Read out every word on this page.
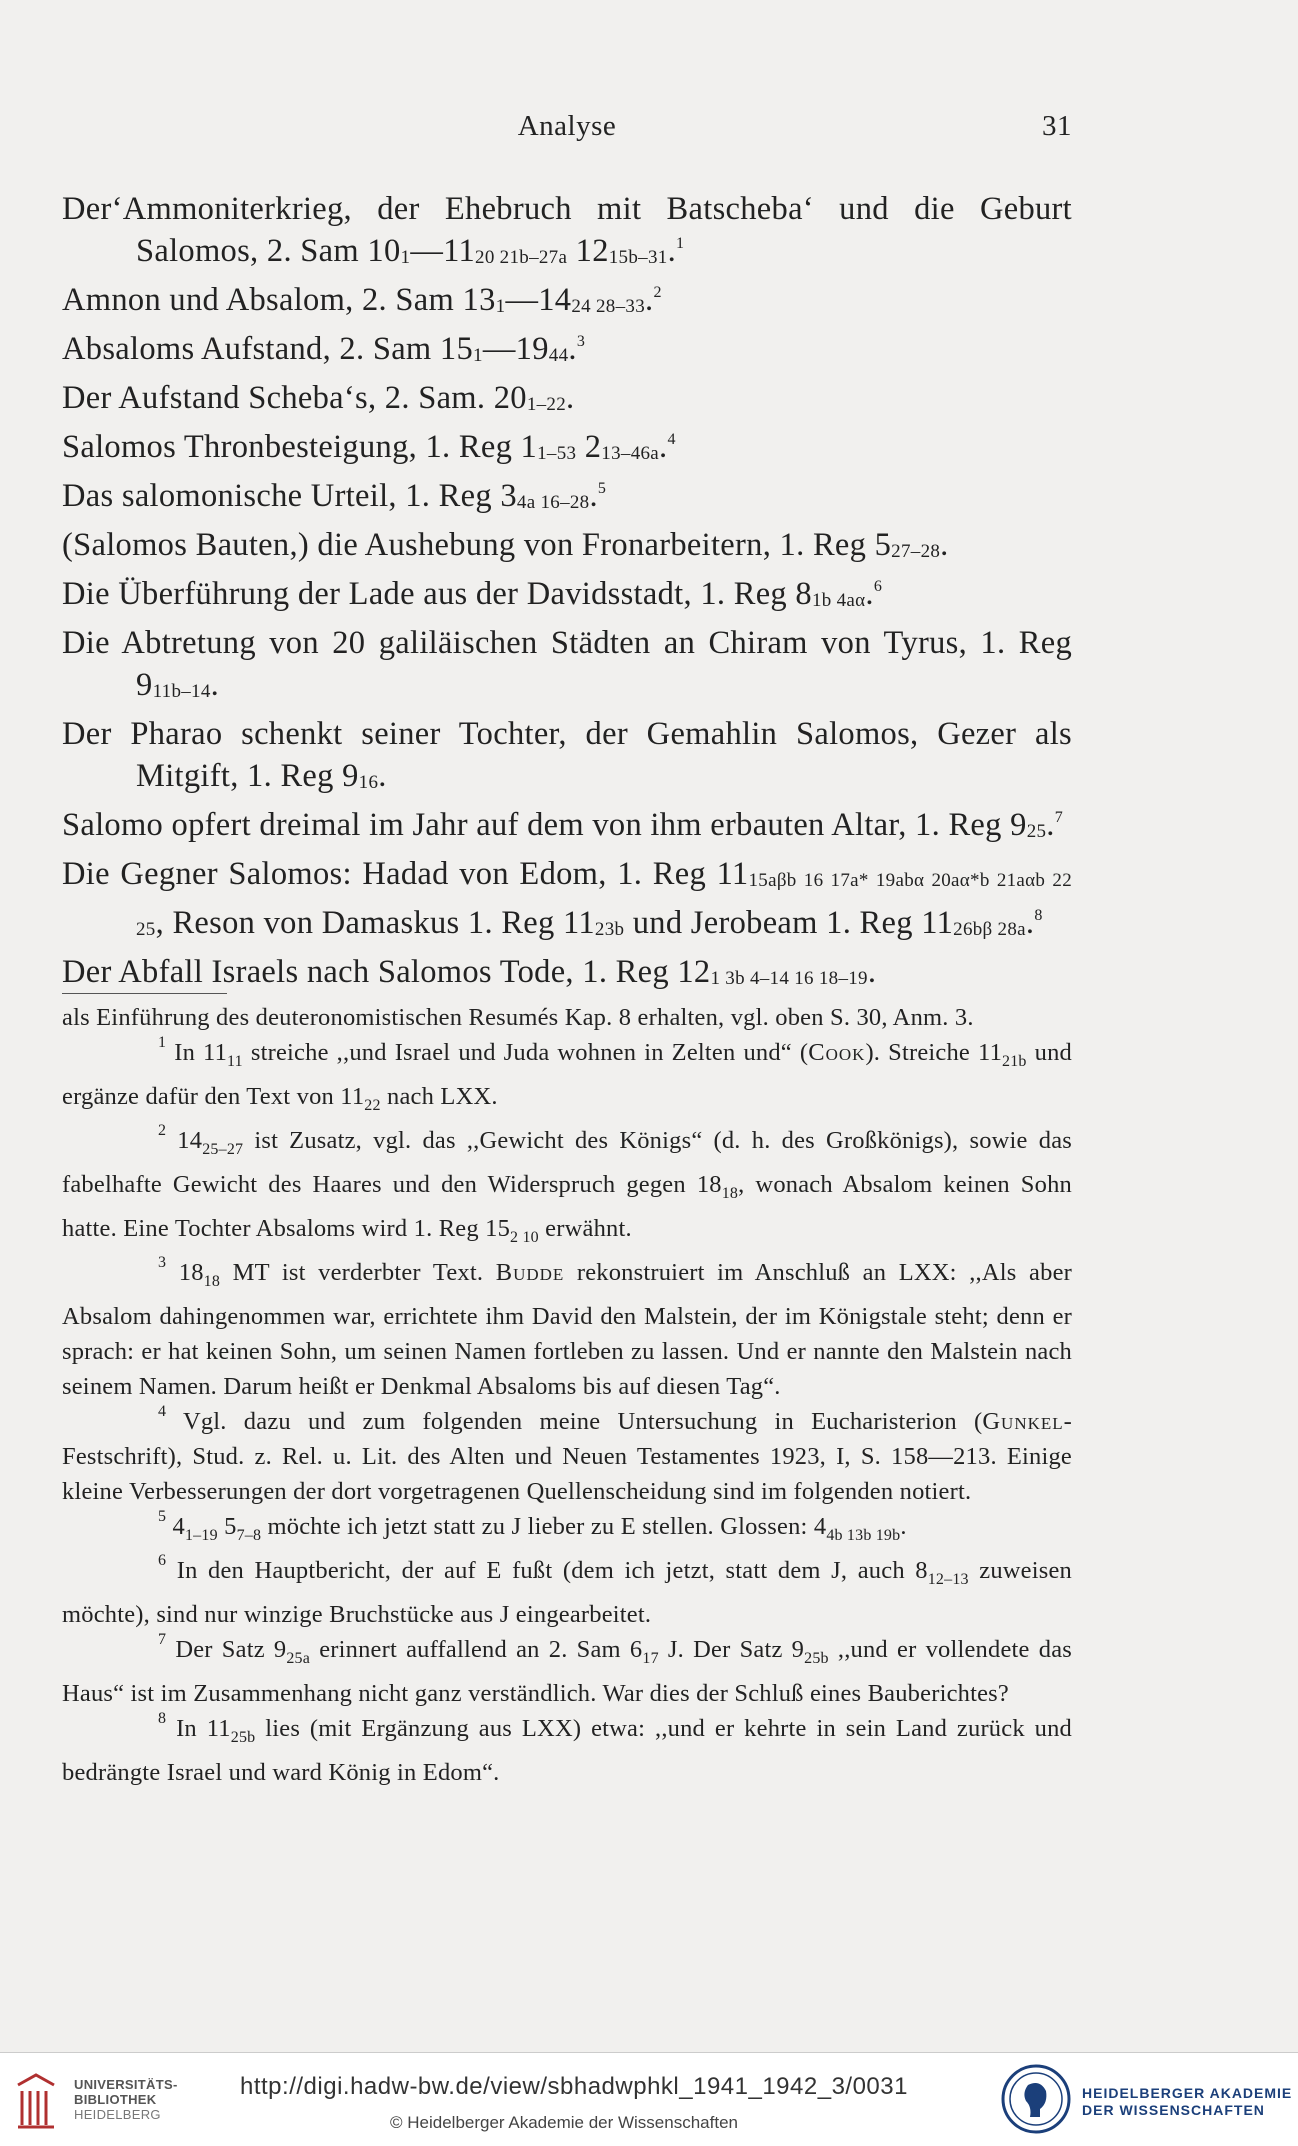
Analyse	31
Der‘Ammoniterkrieg, der Ehebruch mit Batscheba‘ und die Geburt Salomos, 2. Sam $10_1—11_{20 21b-27a}$ $12_{15b-31}.^1$
Amnon und Absalom, 2. Sam $13_1—14_{24 28-33}.^2$
Absaloms Aufstand, 2. Sam $15_1—19_{44}.^3$
Der Aufstand Scheba‘s, 2. Sam. $20_{1-22}$.
Salomos Thronbesteigung, 1. Reg $1_{1-53}$ $2_{13-46a}.^4$
Das salomonische Urteil, 1. Reg $3_{4a 16-28}.^5$
(Salomos Bauten,) die Aushebung von Fronarbeitern, 1. Reg $5_{27-28}$.
Die Überführung der Lade aus der Davidsstadt, 1. Reg $8_{1b 4a\alpha}.^6$
Die Abtretung von 20 galiläischen Städten an Chiram von Tyrus, 1. Reg $9_{11b-14}$.
Der Pharao schenkt seiner Tochter, der Gemahlin Salomos, Gezer als Mitgift, 1. Reg $9_{16}$.
Salomo opfert dreimal im Jahr auf dem von ihm erbauten Altar, 1. Reg $9_{25}.^7$
Die Gegner Salomos: Hadad von Edom, 1. Reg $11_{15a\beta b 16 17a* 19ab\alpha 20a\alpha*b 21a\alpha b 22 25}$, Reson von Damaskus 1. Reg $11_{23b}$ und Jerobeam 1. Reg $11_{26b\beta 28a}.^8$
Der Abfall Israels nach Salomos Tode, 1. Reg $12_{1 3b 4-14 16 18-19}$.

als Einführung des deuteronomistischen Resumés Kap. 8 erhalten, vgl. oben S. 30, Anm. 3.

$^1$ In $11_{11}$ streiche ,,und Israel und Juda wohnen in Zelten und“ (Cook). Streiche $11_{21b}$ und ergänze dafür den Text von $11_{22}$ nach LXX.

$^2$ $14_{25-27}$ ist Zusatz, vgl. das ,,Gewicht des Königs“ (d. h. des Großkönigs), sowie das fabelhafte Gewicht des Haares und den Widerspruch gegen $18_{18}$, wonach Absalom keinen Sohn hatte. Eine Tochter Absaloms wird 1. Reg $15_{2 10}$ erwähnt.

$^3$ $18_{18}$ MT ist verderbter Text. Budde rekonstruiert im Anschluß an LXX: ,,Als aber Absalom dahingenommen war, errichtete ihm David den Malstein, der im Königstale steht; denn er sprach: er hat keinen Sohn, um seinen Namen fortleben zu lassen. Und er nannte den Malstein nach seinem Namen. Darum heißt er Denkmal Absaloms bis auf diesen Tag“.

$^4$ Vgl. dazu und zum folgenden meine Untersuchung in Eucharisterion (Gunkel-Festschrift), Stud. z. Rel. u. Lit. des Alten und Neuen Testamentes 1923, I, S. 158—213. Einige kleine Verbesserungen der dort vorgetragenen Quellenscheidung sind im folgenden notiert.

$^5$ $4_{1-19}$ $5_{7-8}$ möchte ich jetzt statt zu J lieber zu E stellen. Glossen: $4_{4b 13b 19b}$.

$^6$ In den Hauptbericht, der auf E fußt (dem ich jetzt, statt dem J, auch $8_{12-13}$ zuweisen möchte), sind nur winzige Bruchstücke aus J eingearbeitet.

$^7$ Der Satz $9_{25a}$ erinnert auffallend an 2. Sam $6_{17}$ J. Der Satz $9_{25b}$ ,,und er vollendete das Haus“ ist im Zusammenhang nicht ganz verständlich. War dies der Schluß eines Bauberichtes?

$^8$ In $11_{25b}$ lies (mit Ergänzung aus LXX) etwa: ,,und er kehrte in sein Land zurück und bedrängte Israel und ward König in Edom“.

UNIVERSITÄTS-
BIBLIOTHEK
HEIDELBERG
http://digi.hadw-bw.de/view/sbhadwphkl_1941_1942_3/0031
© Heidelberger Akademie der Wissenschaften
HEIDELBERGER AKADEMIE
DER WISSENSCHAFTEN
